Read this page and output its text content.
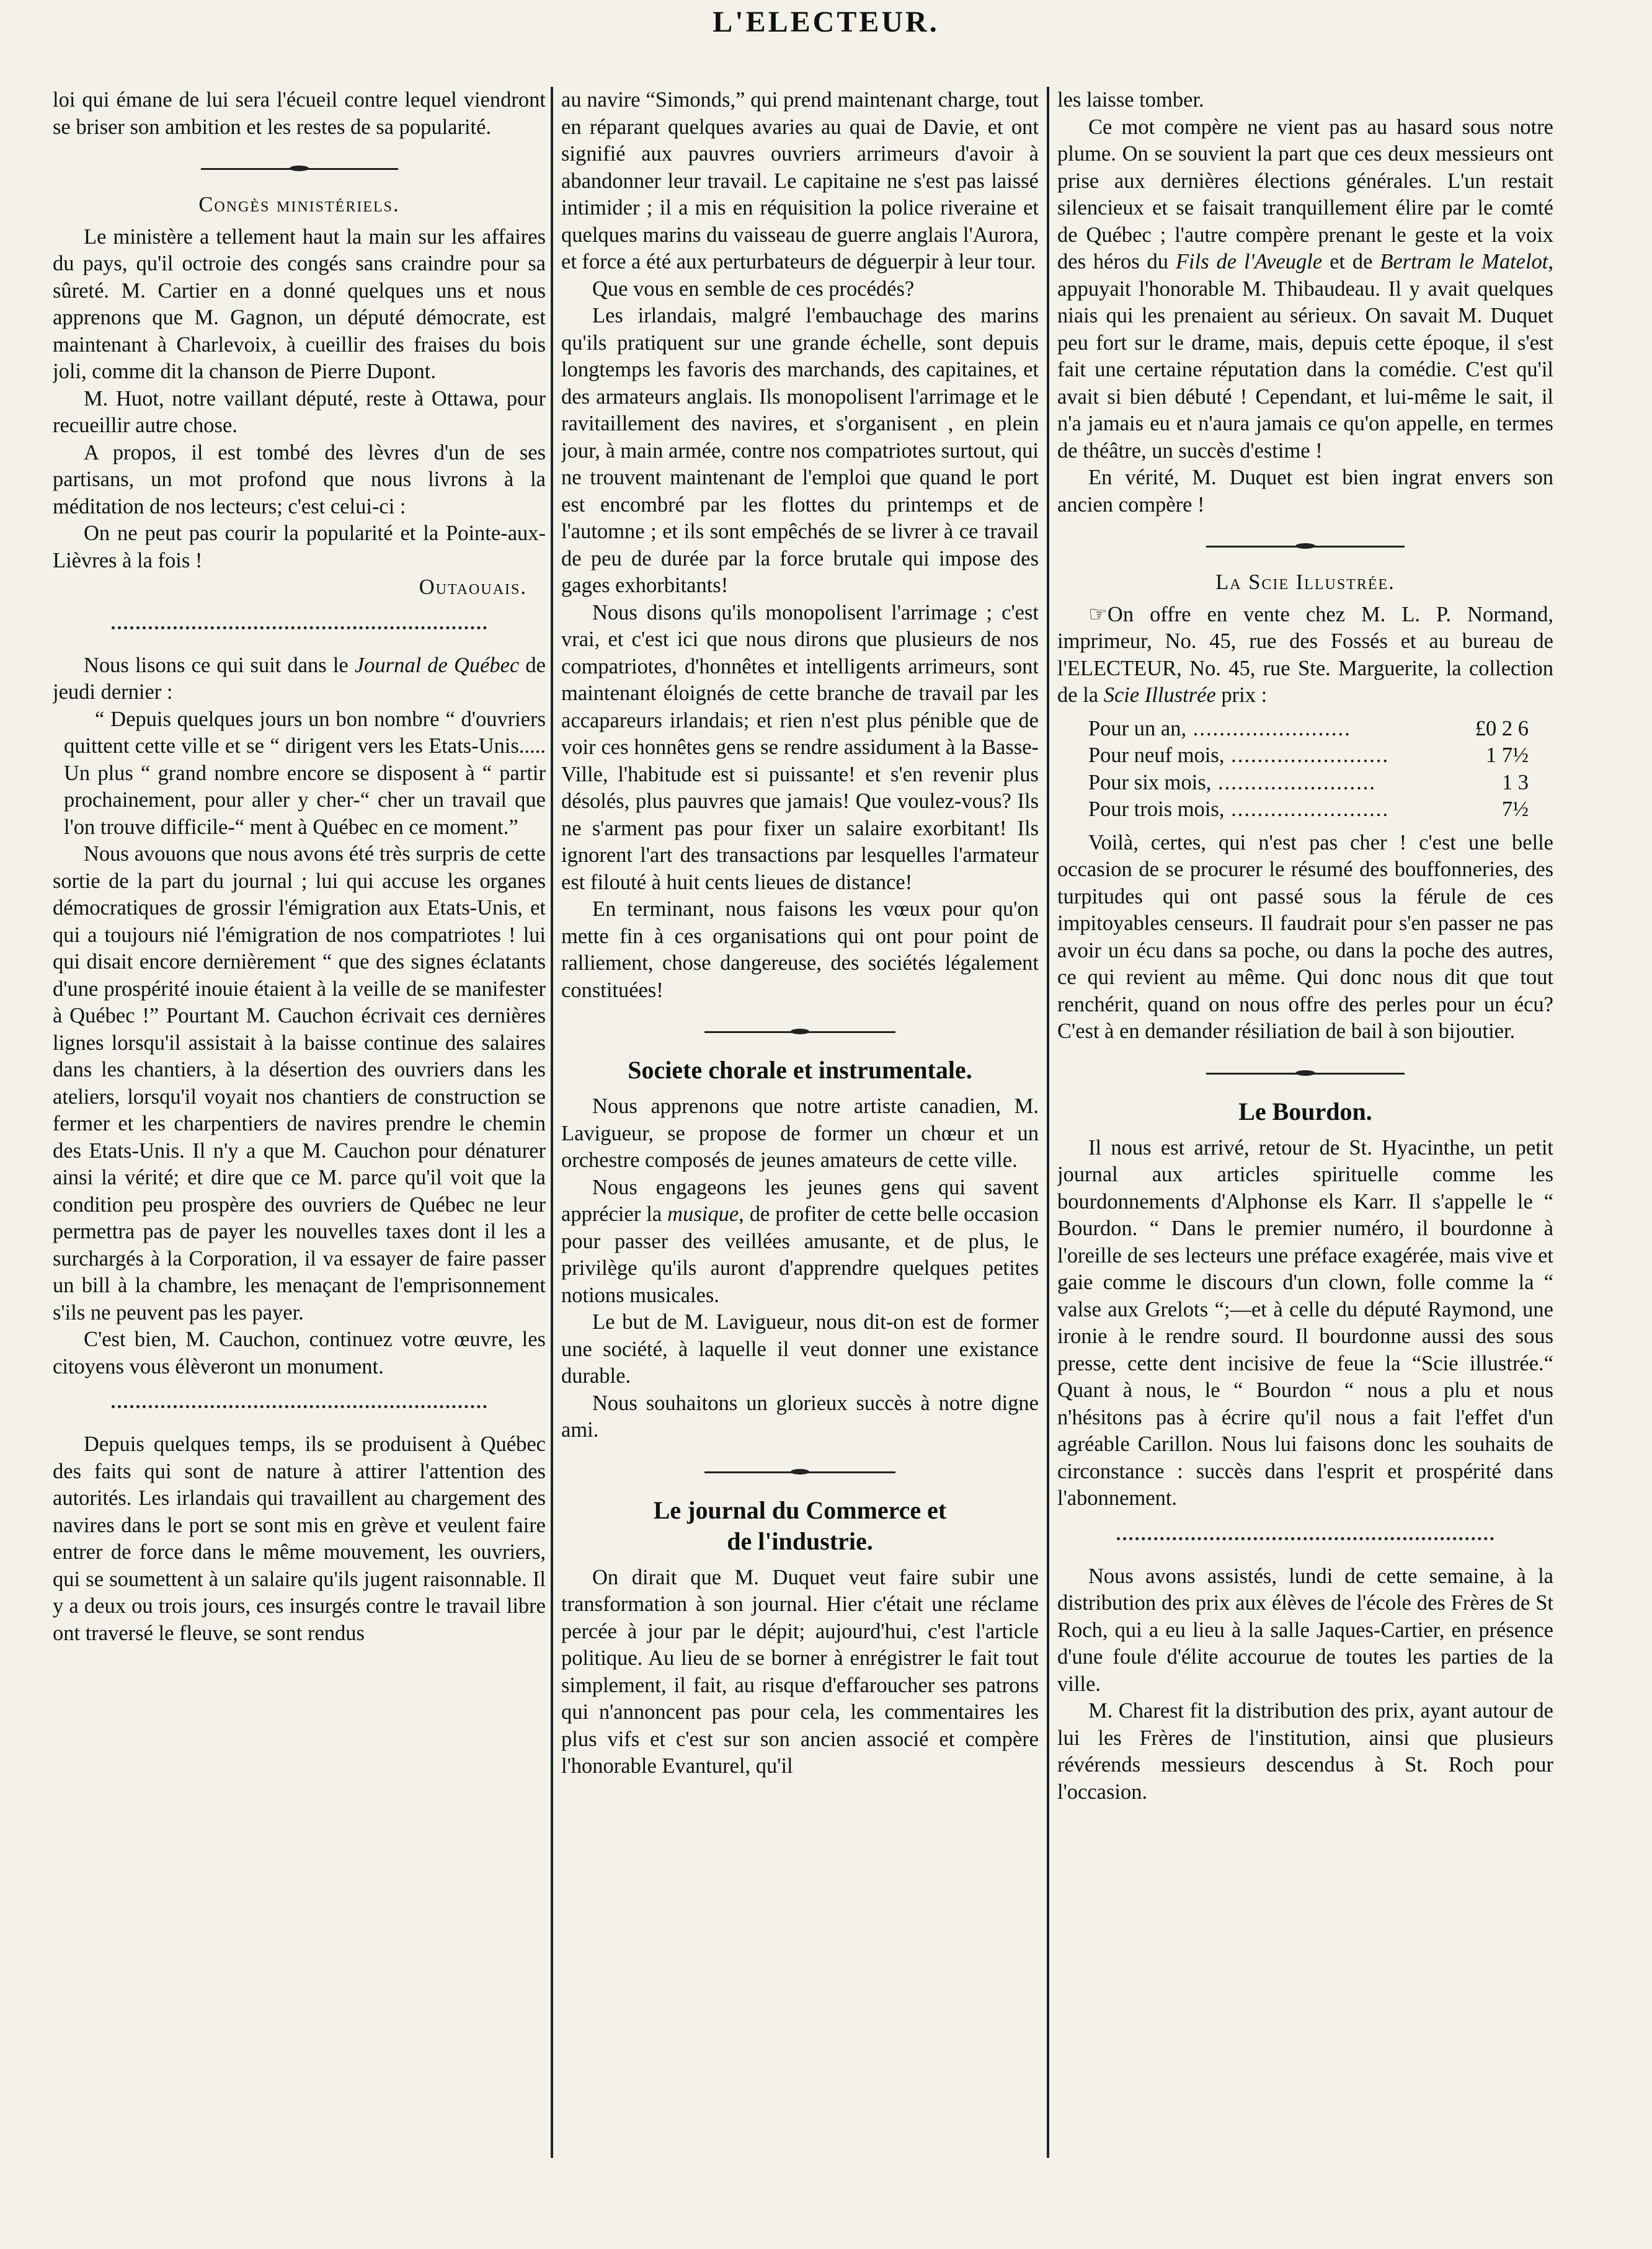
L'ELECTEUR.

loi qui émane de lui sera l'écueil contre lequel viendront se briser son ambition et les restes de sa popularité.

Congès ministériels.

Le ministère a tellement haut la main sur les affaires du pays, qu'il octroie des congés sans craindre pour sa sûreté. M. Cartier en a donné quelques uns et nous apprenons que M. Gagnon, un député démocrate, est maintenant à Charlevoix, à cueillir des fraises du bois joli, comme dit la chanson de Pierre Dupont.

M. Huot, notre vaillant député, reste à Ottawa, pour recueillir autre chose.

A propos, il est tombé des lèvres d'un de ses partisans, un mot profond que nous livrons à la méditation de nos lecteurs; c'est celui-ci :

On ne peut pas courir la popularité et la Pointe-aux-Lièvres à la fois !

Outaouais.

Nous lisons ce qui suit dans le Journal de Québec de jeudi dernier :

“ Depuis quelques jours un bon nombre “ d'ouvriers quittent cette ville et se “ dirigent vers les Etats-Unis..... Un plus “ grand nombre encore se disposent à “ partir prochainement, pour aller y cher-“ cher un travail que l'on trouve difficile-“ ment à Québec en ce moment.”

Nous avouons que nous avons été très surpris de cette sortie de la part du journal ; lui qui accuse les organes démocratiques de grossir l'émigration aux Etats-Unis, et qui a toujours nié l'émigration de nos compatriotes ! lui qui disait encore dernièrement “ que des signes éclatants d'une prospérité inouie étaient à la veille de se manifester à Québec !” Pourtant M. Cauchon écrivait ces dernières lignes lorsqu'il assistait à la baisse continue des salaires dans les chantiers, à la désertion des ouvriers dans les ateliers, lorsqu'il voyait nos chantiers de construction se fermer et les charpentiers de navires prendre le chemin des Etats-Unis. Il n'y a que M. Cauchon pour dénaturer ainsi la vérité; et dire que ce M. parce qu'il voit que la condition peu prospère des ouvriers de Québec ne leur permettra pas de payer les nouvelles taxes dont il les a surchargés à la Corporation, il va essayer de faire passer un bill à la chambre, les menaçant de l'emprisonnement s'ils ne peuvent pas les payer.

C'est bien, M. Cauchon, continuez votre œuvre, les citoyens vous élèveront un monument.

Depuis quelques temps, ils se produisent à Québec des faits qui sont de nature à attirer l'attention des autorités. Les irlandais qui travaillent au chargement des navires dans le port se sont mis en grève et veulent faire entrer de force dans le même mouvement, les ouvriers, qui se soumettent à un salaire qu'ils jugent raisonnable. Il y a deux ou trois jours, ces insurgés contre le travail libre ont traversé le fleuve, se sont rendus

au navire “Simonds,” qui prend maintenant charge, tout en réparant quelques avaries au quai de Davie, et ont signifié aux pauvres ouvriers arrimeurs d'avoir à abandonner leur travail. Le capitaine ne s'est pas laissé intimider ; il a mis en réquisition la police riveraine et quelques marins du vaisseau de guerre anglais l'Aurora, et force a été aux perturbateurs de déguerpir à leur tour.

Que vous en semble de ces procédés?

Les irlandais, malgré l'embauchage des marins qu'ils pratiquent sur une grande échelle, sont depuis longtemps les favoris des marchands, des capitaines, et des armateurs anglais. Ils monopolisent l'arrimage et le ravitaillement des navires, et s'organisent , en plein jour, à main armée, contre nos compatriotes surtout, qui ne trouvent maintenant de l'emploi que quand le port est encombré par les flottes du printemps et de l'automne ; et ils sont empêchés de se livrer à ce travail de peu de durée par la force brutale qui impose des gages exhorbitants!

Nous disons qu'ils monopolisent l'arrimage ; c'est vrai, et c'est ici que nous dirons que plusieurs de nos compatriotes, d'honnêtes et intelligents arrimeurs, sont maintenant éloignés de cette branche de travail par les accapareurs irlandais; et rien n'est plus pénible que de voir ces honnêtes gens se rendre assidument à la Basse-Ville, l'habitude est si puissante! et s'en revenir plus désolés, plus pauvres que jamais! Que voulez-vous? Ils ne s'arment pas pour fixer un salaire exorbitant! Ils ignorent l'art des transactions par lesquelles l'armateur est filouté à huit cents lieues de distance!

En terminant, nous faisons les vœux pour qu'on mette fin à ces organisations qui ont pour point de ralliement, chose dangereuse, des sociétés légalement constituées!

Societe chorale et instrumentale.

Nous apprenons que notre artiste canadien, M. Lavigueur, se propose de former un chœur et un orchestre composés de jeunes amateurs de cette ville.

Nous engageons les jeunes gens qui savent apprécier la musique, de profiter de cette belle occasion pour passer des veillées amusante, et de plus, le privilège qu'ils auront d'apprendre quelques petites notions musicales.

Le but de M. Lavigueur, nous dit-on est de former une société, à laquelle il veut donner une existance durable.

Nous souhaitons un glorieux succès à notre digne ami.

Le journal du Commerce et
de l'industrie.

On dirait que M. Duquet veut faire subir une transformation à son journal. Hier c'était une réclame percée à jour par le dépit; aujourd'hui, c'est l'article politique. Au lieu de se borner à enrégistrer le fait tout simplement, il fait, au risque d'effaroucher ses patrons qui n'annoncent pas pour cela, les commentaires les plus vifs et c'est sur son ancien associé et compère l'honorable Evanturel, qu'il

les laisse tomber.

Ce mot compère ne vient pas au hasard sous notre plume. On se souvient la part que ces deux messieurs ont prise aux dernières élections générales. L'un restait silencieux et se faisait tranquillement élire par le comté de Québec ; l'autre compère prenant le geste et la voix des héros du Fils de l'Aveugle et de Bertram le Matelot, appuyait l'honorable M. Thibaudeau. Il y avait quelques niais qui les prenaient au sérieux. On savait M. Duquet peu fort sur le drame, mais, depuis cette époque, il s'est fait une certaine réputation dans la comédie. C'est qu'il avait si bien débuté ! Cependant, et lui-même le sait, il n'a jamais eu et n'aura jamais ce qu'on appelle, en termes de théâtre, un succès d'estime !

En vérité, M. Duquet est bien ingrat envers son ancien compère !

La Scie Illustrée.

☞On offre en vente chez M. L. P. Normand, imprimeur, No. 45, rue des Fossés et au bureau de l'ELECTEUR, No. 45, rue Ste. Marguerite, la collection de la Scie Illustrée prix :

Pour un an, .....	£0 2 6
Pour neuf mois, .....	1 7½
Pour six mois, .....	1 3
Pour trois mois, .....	7½

Voilà, certes, qui n'est pas cher ! c'est une belle occasion de se procurer le résumé des bouffonneries, des turpitudes qui ont passé sous la férule de ces impitoyables censeurs. Il faudrait pour s'en passer ne pas avoir un écu dans sa poche, ou dans la poche des autres, ce qui revient au même. Qui donc nous dit que tout renchérit, quand on nous offre des perles pour un écu? C'est à en demander résiliation de bail à son bijoutier.

Le Bourdon.

Il nous est arrivé, retour de St. Hyacinthe, un petit journal aux articles spirituelle comme les bourdonnements d'Alphonse els Karr. Il s'appelle le “ Bourdon. “ Dans le premier numéro, il bourdonne à l'oreille de ses lecteurs une préface exagérée, mais vive et gaie comme le discours d'un clown, folle comme la “ valse aux Grelots “;—et à celle du député Raymond, une ironie à le rendre sourd. Il bourdonne aussi des sous presse, cette dent incisive de feue la “Scie illustrée.“ Quant à nous, le “ Bourdon “ nous a plu et nous n'hésitons pas à écrire qu'il nous a fait l'effet d'un agréable Carillon. Nous lui faisons donc les souhaits de circonstance : succès dans l'esprit et prospérité dans l'abonnement.

Nous avons assistés, lundi de cette semaine, à la distribution des prix aux élèves de l'école des Frères de St Roch, qui a eu lieu à la salle Jaques-Cartier, en présence d'une foule d'élite accourue de toutes les parties de la ville.

M. Charest fit la distribution des prix, ayant autour de lui les Frères de l'institution, ainsi que plusieurs révérends messieurs descendus à St. Roch pour l'occasion.
